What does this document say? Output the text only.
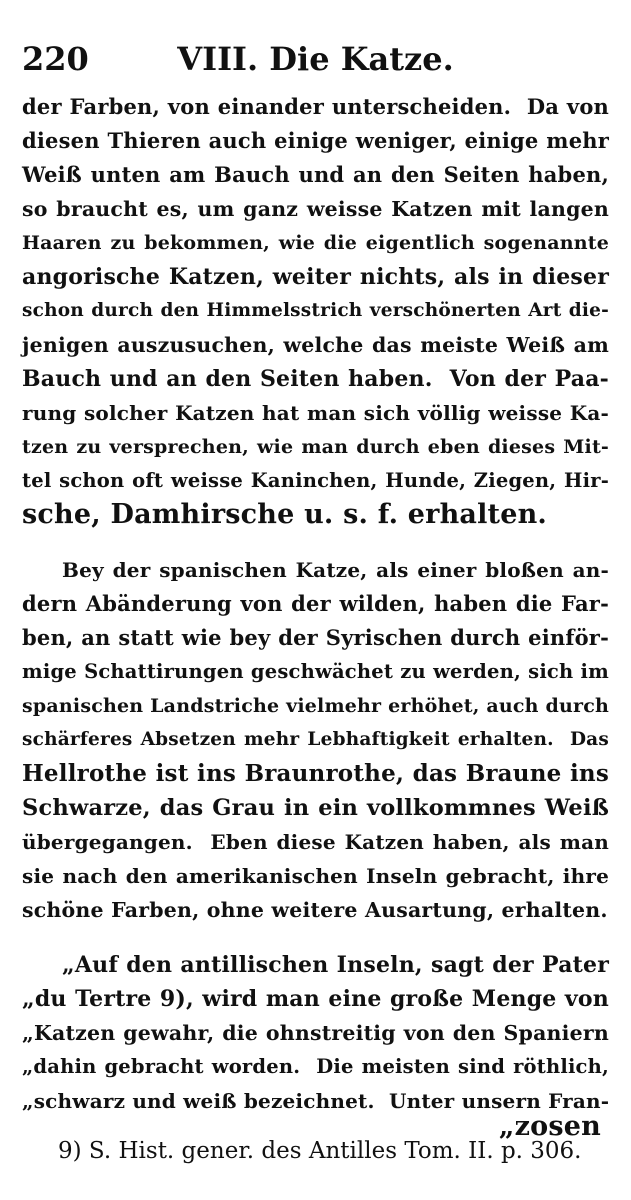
220	VIII. Die Katze.
der Farben, von einander unterscheiden.  Da von
diesen Thieren auch einige weniger, einige mehr
Weiß unten am Bauch und an den Seiten haben,
so braucht es, um ganz weisse Katzen mit langen
Haaren zu bekommen, wie die eigentlich sogenannte
angorische Katzen, weiter nichts, als in dieser
schon durch den Himmelsstrich verschönerten Art die-
jenigen auszusuchen, welche das meiste Weiß am
Bauch und an den Seiten haben.  Von der Paa-
rung solcher Katzen hat man sich völlig weisse Ka-
tzen zu versprechen, wie man durch eben dieses Mit-
tel schon oft weisse Kaninchen, Hunde, Ziegen, Hir-
sche, Damhirsche u. s. f. erhalten.
Bey der spanischen Katze, als einer bloßen an-
dern Abänderung von der wilden, haben die Far-
ben, an statt wie bey der Syrischen durch einför-
mige Schattirungen geschwächet zu werden, sich im
spanischen Landstriche vielmehr erhöhet, auch durch
schärferes Absetzen mehr Lebhaftigkeit erhalten.  Das
Hellrothe ist ins Braunrothe, das Braune ins
Schwarze, das Grau in ein vollkommnes Weiß
übergegangen.  Eben diese Katzen haben, als man
sie nach den amerikanischen Inseln gebracht, ihre
schöne Farben, ohne weitere Ausartung, erhalten.
„Auf den antillischen Inseln, sagt der Pater
„du Tertre 9), wird man eine große Menge von
„Katzen gewahr, die ohnstreitig von den Spaniern
„dahin gebracht worden.  Die meisten sind röthlich,
„schwarz und weiß bezeichnet.  Unter unsern Fran-
„zosen
9) S. Hist. gener. des Antilles Tom. II. p. 306.
